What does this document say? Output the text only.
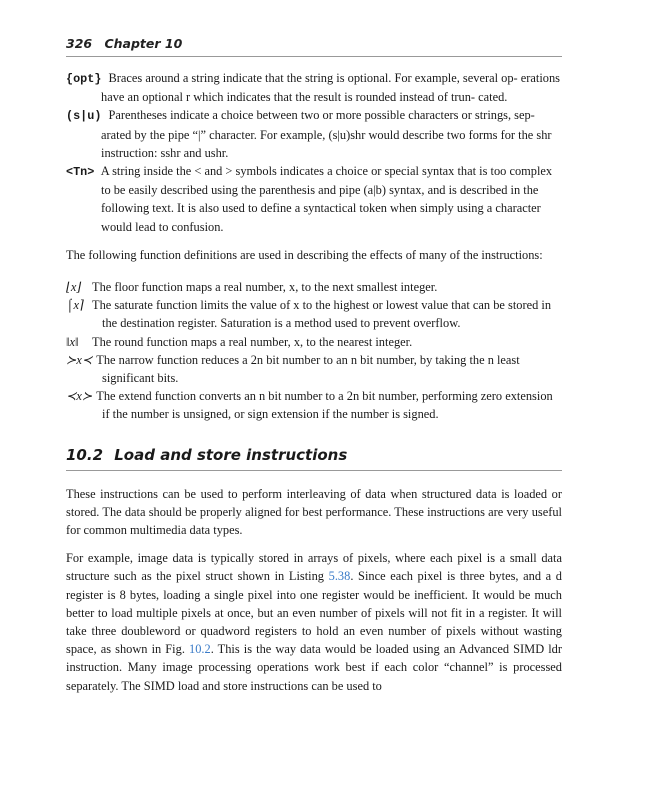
326 Chapter 10

{opt} Braces around a string indicate that the string is optional. For example, several op- erations have an optional r which indicates that the result is rounded instead of trun- cated.

(s|u) Parentheses indicate a choice between two or more possible characters or strings, sep- arated by the pipe “|” character. For example, (s|u)shr would describe two forms for the shr instruction: sshr and ushr.

<Tn> A string inside the < and > symbols indicates a choice or special syntax that is too complex to be easily described using the parenthesis and pipe (a|b) syntax, and is described in the following text. It is also used to define a syntactical token when simply using a character would lead to confusion.

The following function definitions are used in describing the effects of many of the instructions:

⌊x⌋ The floor function maps a real number, x, to the next smallest integer.

⌠x⌉ The saturate function limits the value of x to the highest or lowest value that can be stored in the destination register. Saturation is a method used to prevent overflow.

‖x‖ The round function maps a real number, x, to the nearest integer.

≻x≺ The narrow function reduces a 2n bit number to an n bit number, by taking the n least significant bits.

≺x≻ The extend function converts an n bit number to a 2n bit number, performing zero extension if the number is unsigned, or sign extension if the number is signed.

10.2 Load and store instructions

These instructions can be used to perform interleaving of data when structured data is loaded or stored. The data should be properly aligned for best performance. These instructions are very useful for common multimedia data types.

For example, image data is typically stored in arrays of pixels, where each pixel is a small data structure such as the pixel struct shown in Listing 5.38. Since each pixel is three bytes, and a d register is 8 bytes, loading a single pixel into one register would be inefficient. It would be much better to load multiple pixels at once, but an even number of pixels will not fit in a register. It will take three doubleword or quadword registers to hold an even number of pixels without wasting space, as shown in Fig. 10.2. This is the way data would be loaded using an Advanced SIMD ldr instruction. Many image processing operations work best if each color “channel” is processed separately. The SIMD load and store instructions can be used to
